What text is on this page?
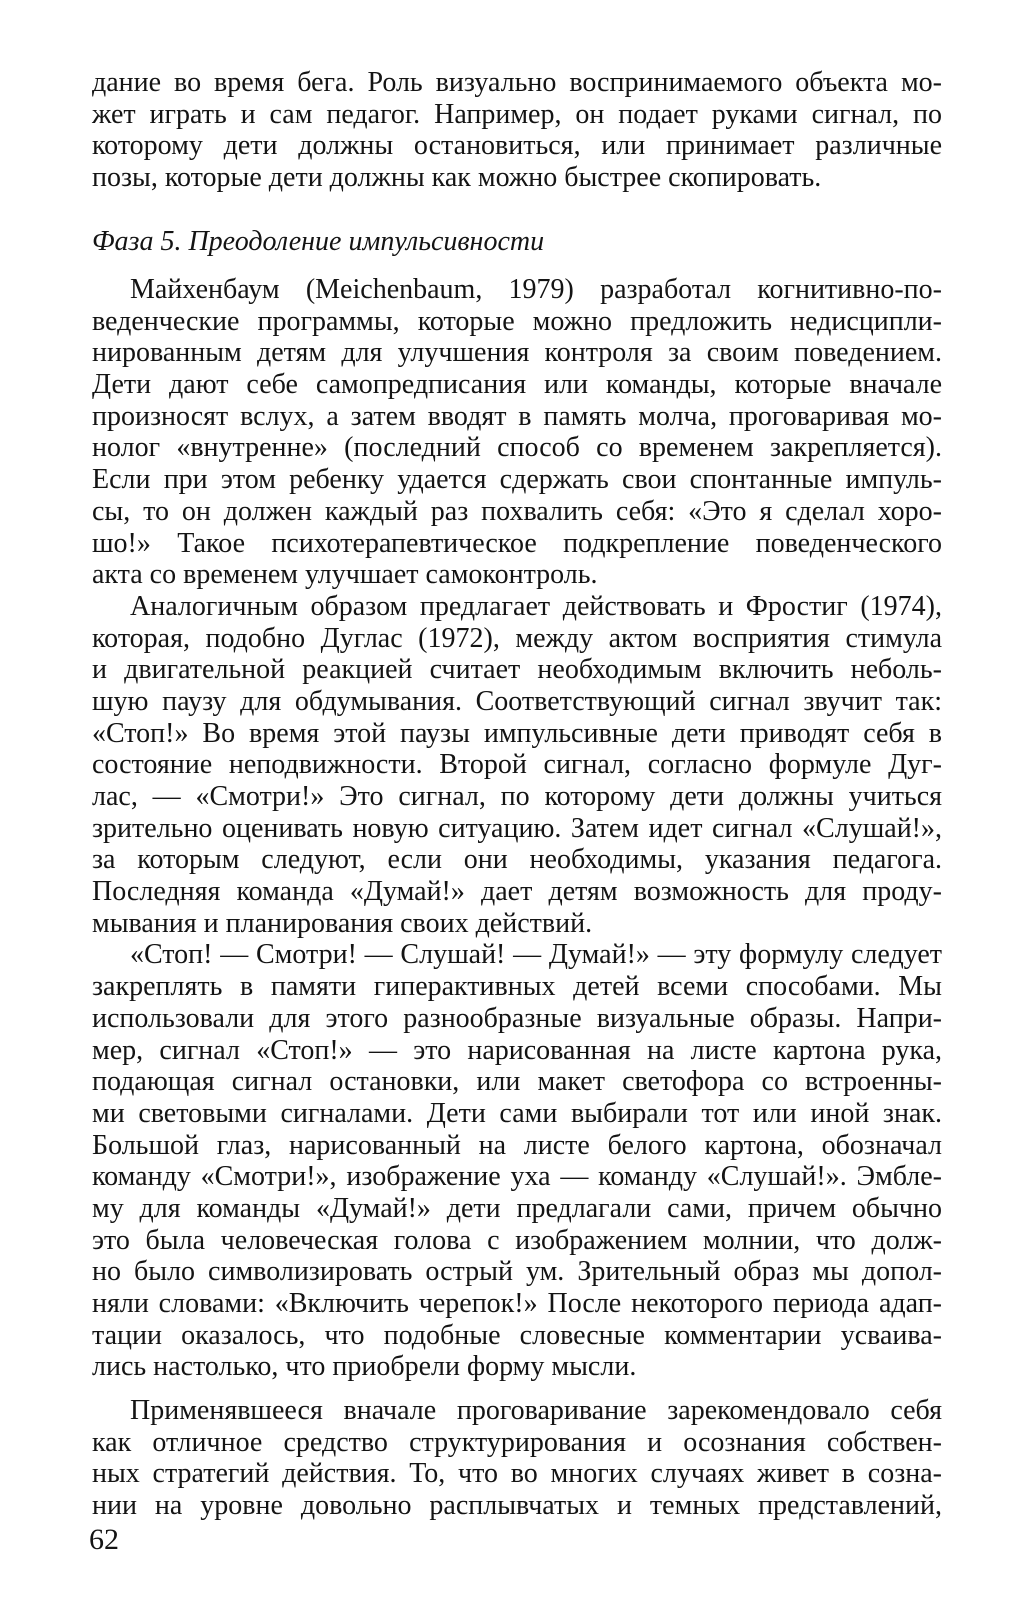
дание во время бега. Роль визуально воспринимаемого объекта мо-
жет играть и сам педагог. Например, он подает руками сигнал, по
которому дети должны остановиться, или принимает различные
позы, которые дети должны как можно быстрее скопировать.
Фаза 5. Преодоление импульсивности
Майхенбаум (Meichenbaum, 1979) разработал когнитивно-по-
веденческие программы, которые можно предложить недисципли-
нированным детям для улучшения контроля за своим поведением.
Дети дают себе самопредписания или команды, которые вначале
произносят вслух, а затем вводят в память молча, проговаривая мо-
нолог «внутренне» (последний способ со временем закрепляется).
Если при этом ребенку удается сдержать свои спонтанные импуль-
сы, то он должен каждый раз похвалить себя: «Это я сделал хоро-
шо!» Такое психотерапевтическое подкрепление поведенческого
акта со временем улучшает самоконтроль.
Аналогичным образом предлагает действовать и Фростиг (1974),
которая, подобно Дуглас (1972), между актом восприятия стимула
и двигательной реакцией считает необходимым включить неболь-
шую паузу для обдумывания. Соответствующий сигнал звучит так:
«Стоп!» Во время этой паузы импульсивные дети приводят себя в
состояние неподвижности. Второй сигнал, согласно формуле Дуг-
лас, — «Смотри!» Это сигнал, по которому дети должны учиться
зрительно оценивать новую ситуацию. Затем идет сигнал «Слушай!»,
за которым следуют, если они необходимы, указания педагога.
Последняя команда «Думай!» дает детям возможность для проду-
мывания и планирования своих действий.
«Стоп! — Смотри! — Слушай! — Думай!» — эту формулу следует
закреплять в памяти гиперактивных детей всеми способами. Мы
использовали для этого разнообразные визуальные образы. Напри-
мер, сигнал «Стоп!» — это нарисованная на листе картона рука,
подающая сигнал остановки, или макет светофора со встроенны-
ми световыми сигналами. Дети сами выбирали тот или иной знак.
Большой глаз, нарисованный на листе белого картона, обозначал
команду «Смотри!», изображение уха — команду «Слушай!». Эмбле-
му для команды «Думай!» дети предлагали сами, причем обычно
это была человеческая голова с изображением молнии, что долж-
но было символизировать острый ум. Зрительный образ мы допол-
няли словами: «Включить черепок!» После некоторого периода адап-
тации оказалось, что подобные словесные комментарии усваива-
лись настолько, что приобрели форму мысли.
Применявшееся вначале проговаривание зарекомендовало себя
как отличное средство структурирования и осознания собствен-
ных стратегий действия. То, что во многих случаях живет в созна-
нии на уровне довольно расплывчатых и темных представлений,
62
